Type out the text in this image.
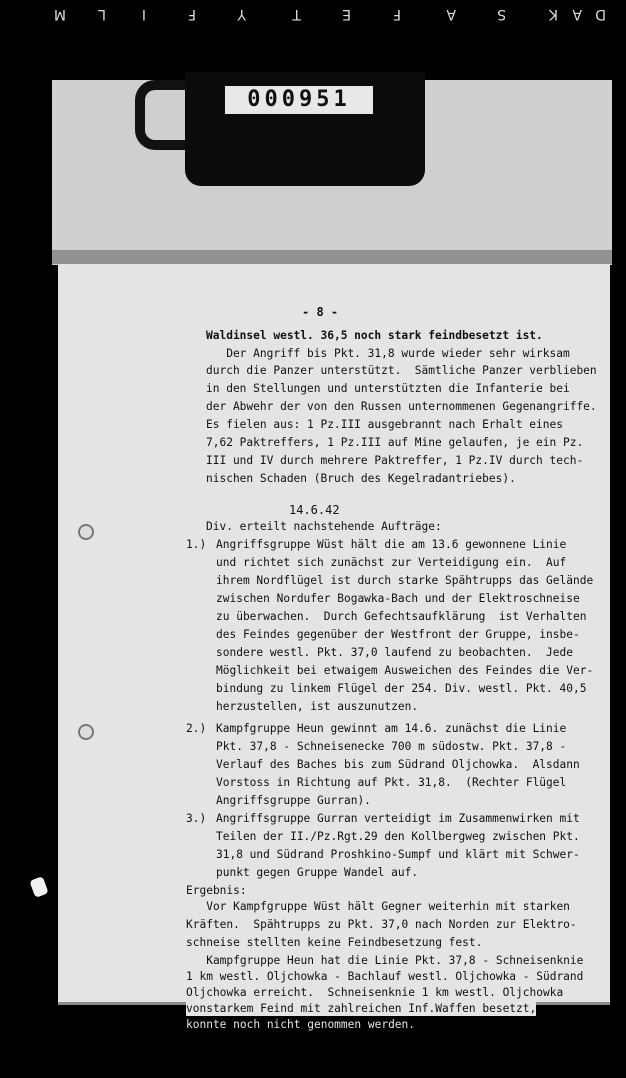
D
A
K
S
A
F
E
T
Y
F
I
L
M
000951
- 8 -
Waldinsel westl. 36,5 noch stark feindbesetzt ist.
Der Angriff bis Pkt. 31,8 wurde wieder sehr wirksam
durch die Panzer unterstützt.  Sämtliche Panzer verblieben
in den Stellungen und unterstützten die Infanterie bei
der Abwehr der von den Russen unternommenen Gegenangriffe.
Es fielen aus: 1 Pz.III ausgebrannt nach Erhalt eines
7,62 Paktreffers, 1 Pz.III auf Mine gelaufen, je ein Pz.
III und IV durch mehrere Paktreffer, 1 Pz.IV durch tech-
nischen Schaden (Bruch des Kegelradantriebes).
14.6.42
Div. erteilt nachstehende Aufträge:
1.) Angriffsgruppe Wüst hält die am 13.6 gewonnene Linie
und richtet sich zunächst zur Verteidigung ein.  Auf
ihrem Nordflügel ist durch starke Spähtrupps das Gelände
zwischen Nordufer Bogawka-Bach und der Elektroschneise
zu überwachen.  Durch Gefechtsaufklärung  ist Verhalten
des Feindes gegenüber der Westfront der Gruppe, insbe-
sondere westl. Pkt. 37,0 laufend zu beobachten.  Jede
Möglichkeit bei etwaigem Ausweichen des Feindes die Ver-
bindung zu linkem Flügel der 254. Div. westl. Pkt. 40,5
herzustellen, ist auszunutzen.
2.) Kampfgruppe Heun gewinnt am 14.6. zunächst die Linie
Pkt. 37,8 - Schneisenecke 700 m südostw. Pkt. 37,8 -
Verlauf des Baches bis zum Südrand Oljchowka.  Alsdann
Vorstoss in Richtung auf Pkt. 31,8.  (Rechter Flügel
Angriffsgruppe Gurran).
3.) Angriffsgruppe Gurran verteidigt im Zusammenwirken mit
Teilen der II./Pz.Rgt.29 den Kollbergweg zwischen Pkt.
31,8 und Südrand Proshkino-Sumpf und klärt mit Schwer-
punkt gegen Gruppe Wandel auf.
Ergebnis:
Vor Kampfgruppe Wüst hält Gegner weiterhin mit starken
Kräften.  Spähtrupps zu Pkt. 37,0 nach Norden zur Elektro-
schneise stellten keine Feindbesetzung fest.
Kampfgruppe Heun hat die Linie Pkt. 37,8 - Schneisenknie
1 km westl. Oljchowka - Bachlauf westl. Oljchowka - Südrand
Oljchowka erreicht.  Schneisenknie 1 km westl. Oljchowka
vonstarkem Feind mit zahlreichen Inf.Waffen besetzt,
konnte noch nicht genommen werden.
